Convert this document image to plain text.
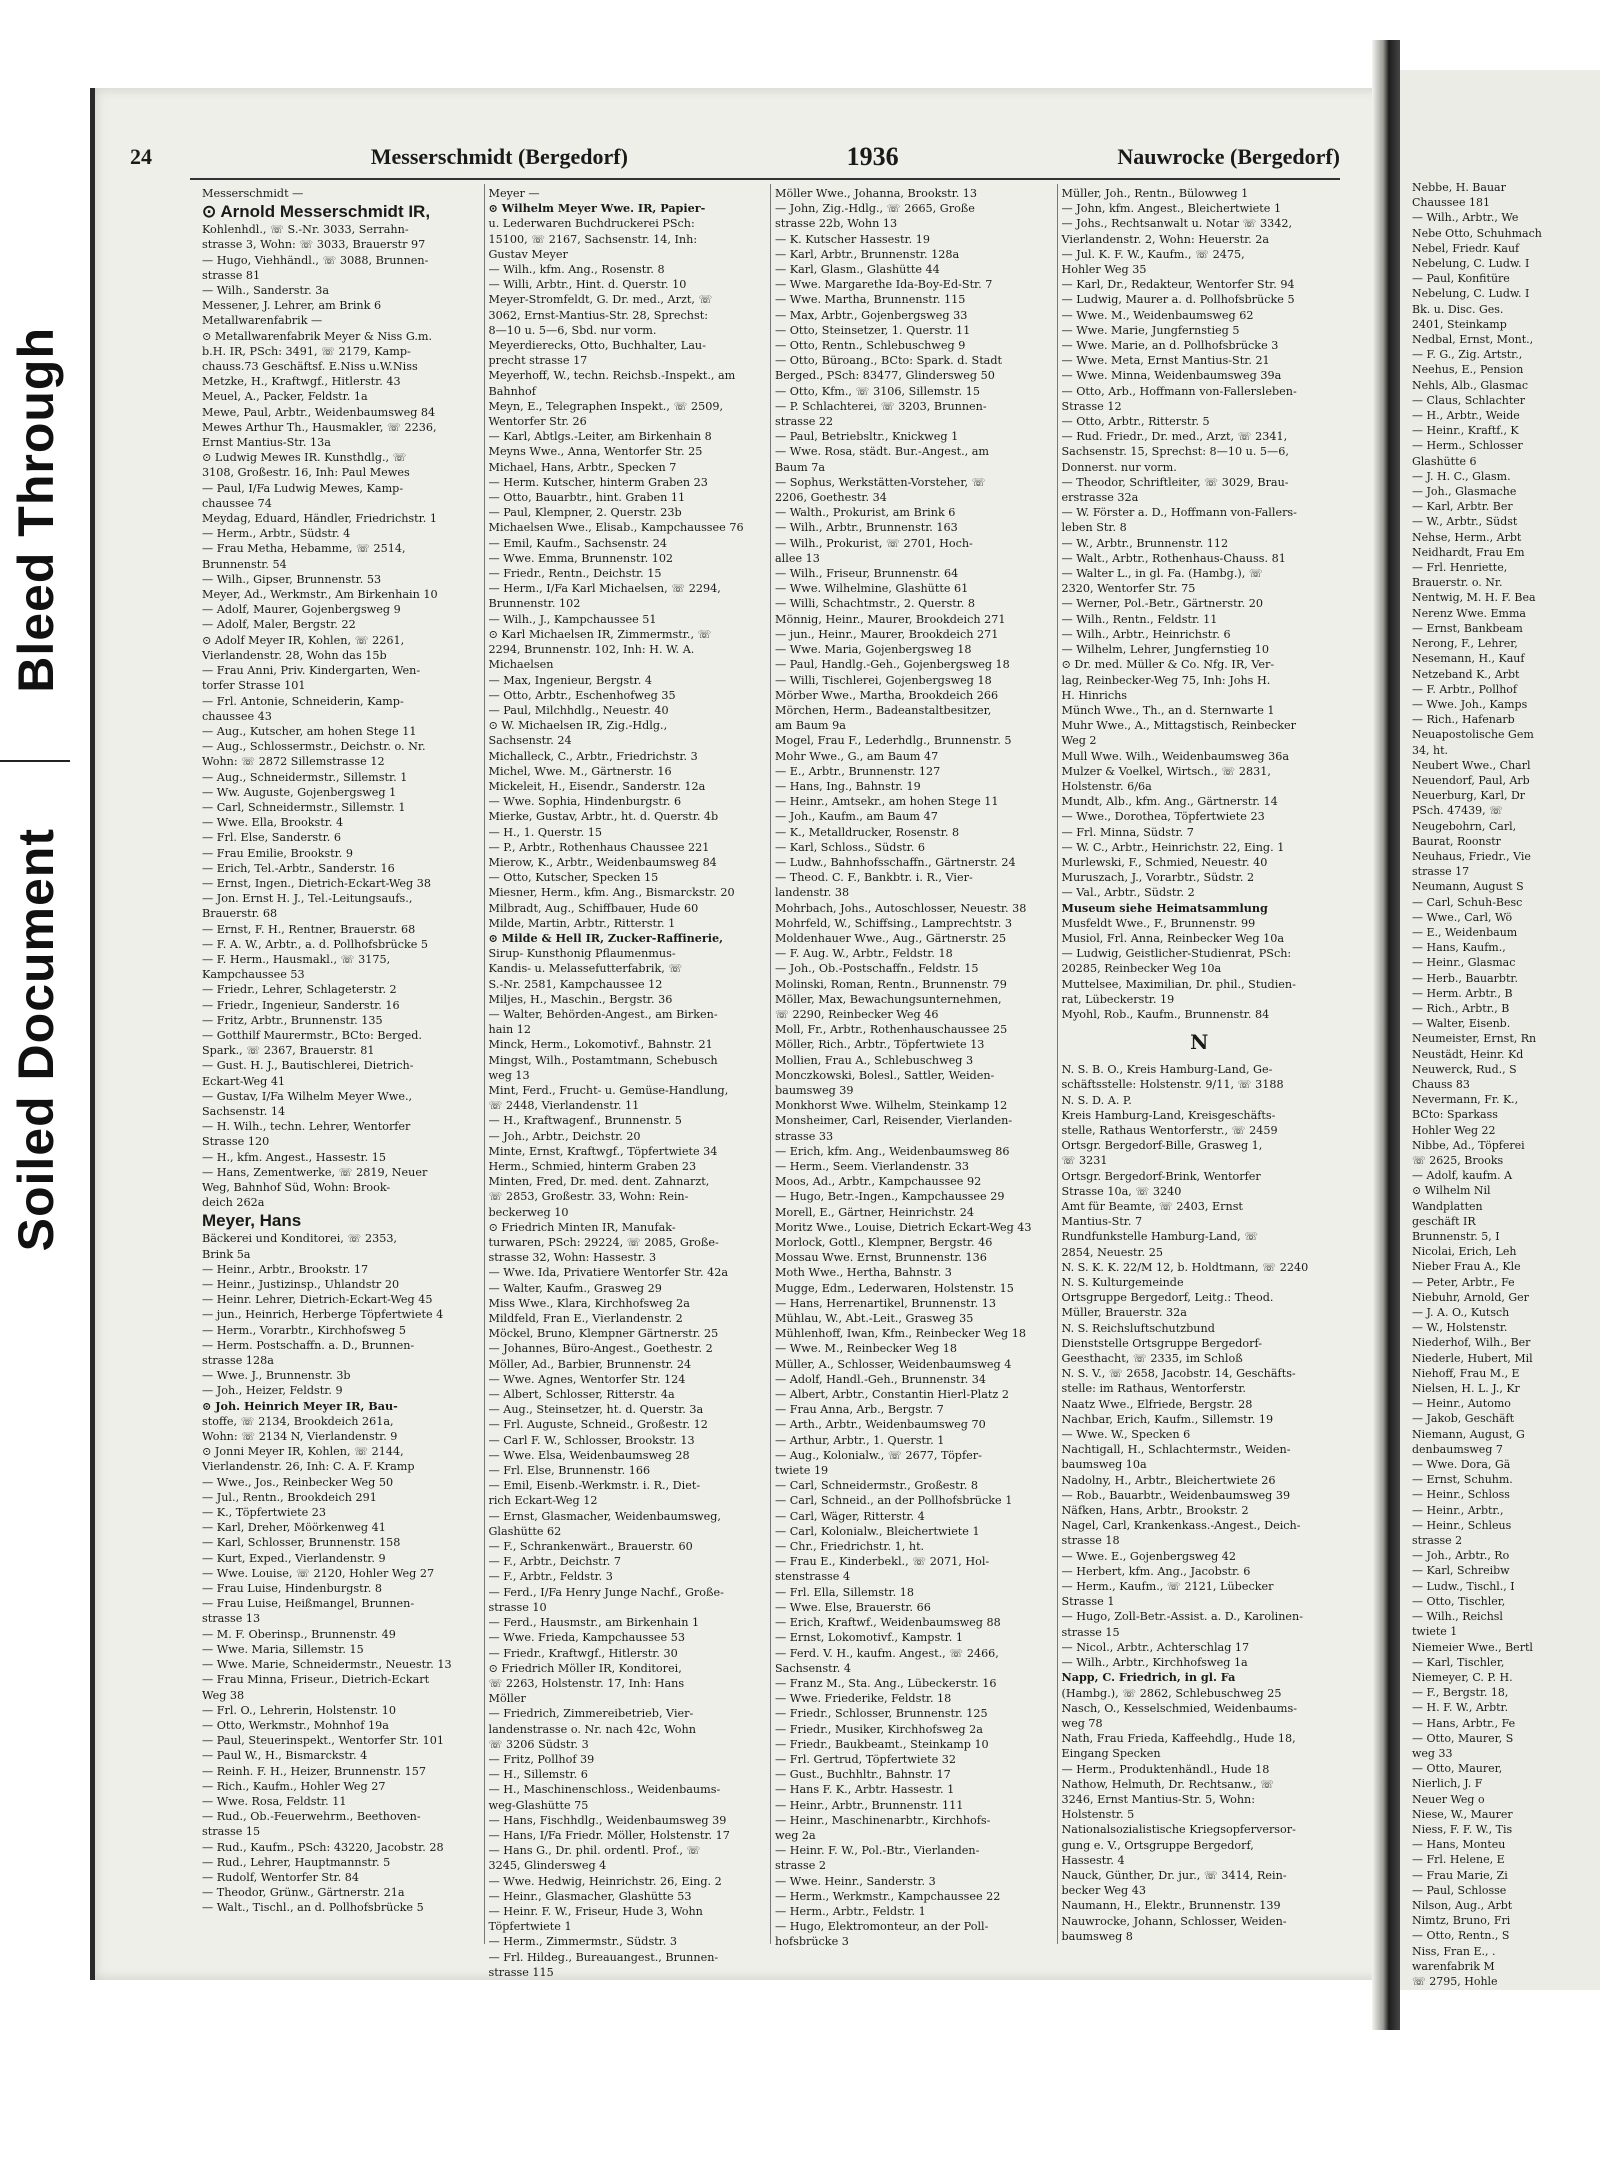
Soiled Document
Bleed Through
Nebbe, H. Bauar
Chaussee 181
— Wilh., Arbtr., We
Nebe Otto, Schuhmach
Nebel, Friedr. Kauf
Nebelung, C. Ludw. I
— Paul, Konfitüre
Nebelung, C. Ludw. I
Bk. u. Disc. Ges.
2401, Steinkamp
Nedbal, Ernst, Mont.,
— F. G., Zig. Artstr.,
Neehus, E., Pension
Nehls, Alb., Glasmac
— Claus, Schlachter
— H., Arbtr., Weide
— Heinr., Kraftf., K
— Herm., Schlosser
Glashütte 6
— J. H. C., Glasm.
— Joh., Glasmache
— Karl, Arbtr. Ber
— W., Arbtr., Südst
Nehse, Herm., Arbt
Neidhardt, Frau Em
— Frl. Henriette,
Brauerstr. o. Nr.
Nentwig, M. H. F. Bea
Nerenz Wwe. Emma
— Ernst, Bankbeam
Nerong, F., Lehrer,
Nesemann, H., Kauf
Netzeband K., Arbt
— F. Arbtr., Pollhof
— Wwe. Joh., Kamps
— Rich., Hafenarb
Neuapostolische Gem
34, ht.
Neubert Wwe., Charl
Neuendorf, Paul, Arb
Neuerburg, Karl, Dr
PSch. 47439, ☏
Neugebohrn, Carl,
Baurat, Roonstr
Neuhaus, Friedr., Vie
strasse 17
Neumann, August S
— Carl, Schuh-Besc
— Wwe., Carl, Wö
— E., Weidenbaum
— Hans, Kaufm.,
— Heinr., Glasmac
— Herb., Bauarbtr.
— Herm. Arbtr., B
— Rich., Arbtr., B
— Walter, Eisenb.
Neumeister, Ernst, Rn
Neustädt, Heinr. Kd
Neuwerck, Rud., S
Chauss 83
Nevermann, Fr. K.,
BCto: Sparkass
Hohler Weg 22
Nibbe, Ad., Töpferei
☏ 2625, Brooks
— Adolf, kaufm. A
⊙ Wilhelm Nil
Wandplatten
geschäft IR
Brunnenstr. 5, I
Nicolai, Erich, Leh
Nieber Frau A., Kle
— Peter, Arbtr., Fe
Niebuhr, Arnold, Ger
— J. A. O., Kutsch
— W., Holstenstr.
Niederhof, Wilh., Ber
Niederle, Hubert, Mil
Niehoff, Frau M., E
Nielsen, H. L. J., Kr
— Heinr., Automo
— Jakob, Geschäft
Niemann, August, G
denbaumsweg 7
— Wwe. Dora, Gä
— Ernst, Schuhm.
— Heinr., Schloss
— Heinr., Arbtr.,
— Heinr., Schleus
strasse 2
— Joh., Arbtr., Ro
— Karl, Schreibw
— Ludw., Tischl., I
— Otto, Tischler,
— Wilh., Reichsl
twiete 1
Niemeier Wwe., Bertl
— Karl, Tischler,
Niemeyer, C. P. H.
— F., Bergstr. 18,
— H. F. W., Arbtr.
— Hans, Arbtr., Fe
— Otto, Maurer, S
weg 33
— Otto, Maurer,
Nierlich, J. F
Neuer Weg o
Niese, W., Maurer
Niess, F. F. W., Tis
— Hans, Monteu
— Frl. Helene, E
— Frau Marie, Zi
— Paul, Schlosse
Nilson, Aug., Arbt
Nimtz, Bruno, Fri
— Otto, Rentn., S
Niss, Fran E., .
warenfabrik M
☏ 2795, Hohle
24	Messerschmidt (Bergedorf)	1936	Nauwrocke (Bergedorf)
Messerschmidt —
⊙ Arnold Messerschmidt IR,
Kohlenhdl., ☏ S.-Nr. 3033, Serrahn-
strasse 3, Wohn: ☏ 3033, Brauerstr 97
— Hugo, Viehhändl., ☏ 3088, Brunnen-
strasse 81
— Wilh., Sanderstr. 3a
Messener, J. Lehrer, am Brink 6
Metallwarenfabrik —
⊙ Metallwarenfabrik Meyer & Niss G.m.
b.H. IR, PSch: 3491, ☏ 2179, Kamp-
chauss.73 Geschäftsf. E.Niss u.W.Niss
Metzke, H., Kraftwgf., Hitlerstr. 43
Meuel, A., Packer, Feldstr. 1a
Mewe, Paul, Arbtr., Weidenbaumsweg 84
Mewes Arthur Th., Hausmakler, ☏ 2236,
Ernst Mantius-Str. 13a
⊙ Ludwig Mewes IR. Kunsthdlg., ☏
3108, Großestr. 16, Inh: Paul Mewes
— Paul, I/Fa Ludwig Mewes, Kamp-
chaussee 74
Meydag, Eduard, Händler, Friedrichstr. 1
— Herm., Arbtr., Südstr. 4
— Frau Metha, Hebamme, ☏ 2514,
Brunnenstr. 54
— Wilh., Gipser, Brunnenstr. 53
Meyer, Ad., Werkmstr., Am Birkenhain 10
— Adolf, Maurer, Gojenbergsweg 9
— Adolf, Maler, Bergstr. 22
⊙ Adolf Meyer IR, Kohlen, ☏ 2261,
Vierlandenstr. 28, Wohn das 15b
— Frau Anni, Priv. Kindergarten, Wen-
torfer Strasse 101
— Frl. Antonie, Schneiderin, Kamp-
chaussee 43
— Aug., Kutscher, am hohen Stege 11
— Aug., Schlossermstr., Deichstr. o. Nr.
Wohn: ☏ 2872 Sillemstrasse 12
— Aug., Schneidermstr., Sillemstr. 1
— Ww. Auguste, Gojenbergsweg 1
— Carl, Schneidermstr., Sillemstr. 1
— Wwe. Ella, Brookstr. 4
— Frl. Else, Sanderstr. 6
— Frau Emilie, Brookstr. 9
— Erich, Tel.-Arbtr., Sanderstr. 16
— Ernst, Ingen., Dietrich-Eckart-Weg 38
— Jon. Ernst H. J., Tel.-Leitungsaufs.,
Brauerstr. 68
— Ernst, F. H., Rentner, Brauerstr. 68
— F. A. W., Arbtr., a. d. Pollhofsbrücke 5
— F. Herm., Hausmakl., ☏ 3175,
Kampchaussee 53
— Friedr., Lehrer, Schlageterstr. 2
— Friedr., Ingenieur, Sanderstr. 16
— Fritz, Arbtr., Brunnenstr. 135
— Gotthilf Maurermstr., BCto: Berged.
Spark., ☏ 2367, Brauerstr. 81
— Gust. H. J., Bautischlerei, Dietrich-
Eckart-Weg 41
— Gustav, I/Fa Wilhelm Meyer Wwe.,
Sachsenstr. 14
— H. Wilh., techn. Lehrer, Wentorfer
Strasse 120
— H., kfm. Angest., Hassestr. 15
— Hans, Zementwerke, ☏ 2819, Neuer
Weg, Bahnhof Süd, Wohn: Brook-
deich 262a
Meyer, Hans
Bäckerei und Konditorei, ☏ 2353,
Brink 5a
— Heinr., Arbtr., Brookstr. 17
— Heinr., Justizinsp., Uhlandstr 20
— Heinr. Lehrer, Dietrich-Eckart-Weg 45
— jun., Heinrich, Herberge Töpfertwiete 4
— Herm., Vorarbtr., Kirchhofsweg 5
— Herm. Postschaffn. a. D., Brunnen-
strasse 128a
— Wwe. J., Brunnenstr. 3b
— Joh., Heizer, Feldstr. 9
⊙ Joh. Heinrich Meyer IR, Bau-
stoffe, ☏ 2134, Brookdeich 261a,
Wohn: ☏ 2134 N, Vierlandenstr. 9
⊙ Jonni Meyer IR, Kohlen, ☏ 2144,
Vierlandenstr. 26, Inh: C. A. F. Kramp
— Wwe., Jos., Reinbecker Weg 50
— Jul., Rentn., Brookdeich 291
— K., Töpfertwiete 23
— Karl, Dreher, Möörkenweg 41
— Karl, Schlosser, Brunnenstr. 158
— Kurt, Exped., Vierlandenstr. 9
— Wwe. Louise, ☏ 2120, Hohler Weg 27
— Frau Luise, Hindenburgstr. 8
— Frau Luise, Heißmangel, Brunnen-
strasse 13
— M. F. Oberinsp., Brunnenstr. 49
— Wwe. Maria, Sillemstr. 15
— Wwe. Marie, Schneidermstr., Neuestr. 13
— Frau Minna, Friseur., Dietrich-Eckart
Weg 38
— Frl. O., Lehrerin, Holstenstr. 10
— Otto, Werkmstr., Mohnhof 19a
— Paul, Steuerinspekt., Wentorfer Str. 101
— Paul W., H., Bismarckstr. 4
— Reinh. F. H., Heizer, Brunnenstr. 157
— Rich., Kaufm., Hohler Weg 27
— Wwe. Rosa, Feldstr. 11
— Rud., Ob.-Feuerwehrm., Beethoven-
strasse 15
— Rud., Kaufm., PSch: 43220, Jacobstr. 28
— Rud., Lehrer, Hauptmannstr. 5
— Rudolf, Wentorfer Str. 84
— Theodor, Grünw., Gärtnerstr. 21a
— Walt., Tischl., an d. Pollhofsbrücke 5
Meyer —
⊙ Wilhelm Meyer Wwe. IR, Papier-
u. Lederwaren Buchdruckerei PSch:
15100, ☏ 2167, Sachsenstr. 14, Inh:
Gustav Meyer
— Wilh., kfm. Ang., Rosenstr. 8
— Willi, Arbtr., Hint. d. Querstr. 10
Meyer-Stromfeldt, G. Dr. med., Arzt, ☏
3062, Ernst-Mantius-Str. 28, Sprechst:
8—10 u. 5—6, Sbd. nur vorm.
Meyerdierecks, Otto, Buchhalter, Lau-
precht strasse 17
Meyerhoff, W., techn. Reichsb.-Inspekt., am
Bahnhof
Meyn, E., Telegraphen Inspekt., ☏ 2509,
Wentorfer Str. 26
— Karl, Abtlgs.-Leiter, am Birkenhain 8
Meyns Wwe., Anna, Wentorfer Str. 25
Michael, Hans, Arbtr., Specken 7
— Herm. Kutscher, hinterm Graben 23
— Otto, Bauarbtr., hint. Graben 11
— Paul, Klempner, 2. Querstr. 23b
Michaelsen Wwe., Elisab., Kampchaussee 76
— Emil, Kaufm., Sachsenstr. 24
— Wwe. Emma, Brunnenstr. 102
— Friedr., Rentn., Deichstr. 15
— Herm., I/Fa Karl Michaelsen, ☏ 2294,
Brunnenstr. 102
— Wilh., J., Kampchaussee 51
⊙ Karl Michaelsen IR, Zimmermstr., ☏
2294, Brunnenstr. 102, Inh: H. W. A.
Michaelsen
— Max, Ingenieur, Bergstr. 4
— Otto, Arbtr., Eschenhofweg 35
— Paul, Milchhdlg., Neuestr. 40
⊙ W. Michaelsen IR, Zig.-Hdlg.,
Sachsenstr. 24
Michalleck, C., Arbtr., Friedrichstr. 3
Michel, Wwe. M., Gärtnerstr. 16
Mickeleit, H., Eisendr., Sanderstr. 12a
— Wwe. Sophia, Hindenburgstr. 6
Mierke, Gustav, Arbtr., ht. d. Querstr. 4b
— H., 1. Querstr. 15
— P., Arbtr., Rothenhaus Chaussee 221
Mierow, K., Arbtr., Weidenbaumsweg 84
— Otto, Kutscher, Specken 15
Miesner, Herm., kfm. Ang., Bismarckstr. 20
Milbradt, Aug., Schiffbauer, Hude 60
Milde, Martin, Arbtr., Ritterstr. 1
⊙ Milde & Hell IR, Zucker-Raffinerie,
Sirup- Kunsthonig Pflaumenmus-
Kandis- u. Melassefutterfabrik, ☏
S.-Nr. 2581, Kampchaussee 12
Miljes, H., Maschin., Bergstr. 36
— Walter, Behörden-Angest., am Birken-
hain 12
Minck, Herm., Lokomotivf., Bahnstr. 21
Mingst, Wilh., Postamtmann, Schebusch
weg 13
Mint, Ferd., Frucht- u. Gemüse-Handlung,
☏ 2448, Vierlandenstr. 11
— H., Kraftwagenf., Brunnenstr. 5
— Joh., Arbtr., Deichstr. 20
Minte, Ernst, Kraftwgf., Töpfertwiete 34
Herm., Schmied, hinterm Graben 23
Minten, Fred, Dr. med. dent. Zahnarzt,
☏ 2853, Großestr. 33, Wohn: Rein-
beckerweg 10
⊙ Friedrich Minten IR, Manufak-
turwaren, PSch: 29224, ☏ 2085, Große-
strasse 32, Wohn: Hassestr. 3
— Wwe. Ida, Privatiere Wentorfer Str. 42a
— Walter, Kaufm., Grasweg 29
Miss Wwe., Klara, Kirchhofsweg 2a
Mildfeld, Fran E., Vierlandenstr. 2
Möckel, Bruno, Klempner Gärtnerstr. 25
— Johannes, Büro-Angest., Goethestr. 2
Möller, Ad., Barbier, Brunnenstr. 24
— Wwe. Agnes, Wentorfer Str. 124
— Albert, Schlosser, Ritterstr. 4a
— Aug., Steinsetzer, ht. d. Querstr. 3a
— Frl. Auguste, Schneid., Großestr. 12
— Carl F. W., Schlosser, Brookstr. 13
— Wwe. Elsa, Weidenbaumsweg 28
— Frl. Else, Brunnenstr. 166
— Emil, Eisenb.-Werkmstr. i. R., Diet-
rich Eckart-Weg 12
— Ernst, Glasmacher, Weidenbaumsweg,
Glashütte 62
— F., Schrankenwärt., Brauerstr. 60
— F., Arbtr., Deichstr. 7
— F., Arbtr., Feldstr. 3
— Ferd., I/Fa Henry Junge Nachf., Große-
strasse 10
— Ferd., Hausmstr., am Birkenhain 1
— Wwe. Frieda, Kampchaussee 53
— Friedr., Kraftwgf., Hitlerstr. 30
⊙ Friedrich Möller IR, Konditorei,
☏ 2263, Holstenstr. 17, Inh: Hans
Möller
— Friedrich, Zimmereibetrieb, Vier-
landenstrasse o. Nr. nach 42c, Wohn
☏ 3206 Südstr. 3
— Fritz, Pollhof 39
— H., Sillemstr. 6
— H., Maschinenschloss., Weidenbaums-
weg-Glashütte 75
— Hans, Fischhdlg., Weidenbaumsweg 39
— Hans, I/Fa Friedr. Möller, Holstenstr. 17
— Hans G., Dr. phil. ordentl. Prof., ☏
3245, Glindersweg 4
— Wwe. Hedwig, Heinrichstr. 26, Eing. 2
— Heinr., Glasmacher, Glashütte 53
— Heinr. F. W., Friseur, Hude 3, Wohn
Töpfertwiete 1
— Herm., Zimmermstr., Südstr. 3
— Frl. Hildeg., Bureauangest., Brunnen-
strasse 115
Möller Wwe., Johanna, Brookstr. 13
— John, Zig.-Hdlg., ☏ 2665, Große
strasse 22b, Wohn 13
— K. Kutscher Hassestr. 19
— Karl, Arbtr., Brunnenstr. 128a
— Karl, Glasm., Glashütte 44
— Wwe. Margarethe Ida-Boy-Ed-Str. 7
— Wwe. Martha, Brunnenstr. 115
— Max, Arbtr., Gojenbergsweg 33
— Otto, Steinsetzer, 1. Querstr. 11
— Otto, Rentn., Schlebuschweg 9
— Otto, Büroang., BCto: Spark. d. Stadt
Berged., PSch: 83477, Glindersweg 50
— Otto, Kfm., ☏ 3106, Sillemstr. 15
— P. Schlachterei, ☏ 3203, Brunnen-
strasse 22
— Paul, Betriebsltr., Knickweg 1
— Wwe. Rosa, städt. Bur.-Angest., am
Baum 7a
— Sophus, Werkstätten-Vorsteher, ☏
2206, Goethestr. 34
— Walth., Prokurist, am Brink 6
— Wilh., Arbtr., Brunnenstr. 163
— Wilh., Prokurist, ☏ 2701, Hoch-
allee 13
— Wilh., Friseur, Brunnenstr. 64
— Wwe. Wilhelmine, Glashütte 61
— Willi, Schachtmstr., 2. Querstr. 8
Mönnig, Heinr., Maurer, Brookdeich 271
— jun., Heinr., Maurer, Brookdeich 271
— Wwe. Maria, Gojenbergsweg 18
— Paul, Handlg.-Geh., Gojenbergsweg 18
— Willi, Tischlerei, Gojenbergsweg 18
Mörber Wwe., Martha, Brookdeich 266
Mörchen, Herm., Badeanstaltbesitzer,
am Baum 9a
Mogel, Frau F., Lederhdlg., Brunnenstr. 5
Mohr Wwe., G., am Baum 47
— E., Arbtr., Brunnenstr. 127
— Hans, Ing., Bahnstr. 19
— Heinr., Amtsekr., am hohen Stege 11
— Joh., Kaufm., am Baum 47
— K., Metalldrucker, Rosenstr. 8
— Karl, Schloss., Südstr. 6
— Ludw., Bahnhofsschaffn., Gärtnerstr. 24
— Theod. C. F., Bankbtr. i. R., Vier-
landenstr. 38
Mohrbach, Johs., Autoschlosser, Neuestr. 38
Mohrfeld, W., Schiffsing., Lamprechtstr. 3
Moldenhauer Wwe., Aug., Gärtnerstr. 25
— F. Aug. W., Arbtr., Feldstr. 18
— Joh., Ob.-Postschaffn., Feldstr. 15
Molinski, Roman, Rentn., Brunnenstr. 79
Möller, Max, Bewachungsunternehmen,
☏ 2290, Reinbecker Weg 46
Moll, Fr., Arbtr., Rothenhauschaussee 25
Möller, Rich., Arbtr., Töpfertwiete 13
Mollien, Frau A., Schlebuschweg 3
Monczkowski, Bolesl., Sattler, Weiden-
baumsweg 39
Monkhorst Wwe. Wilhelm, Steinkamp 12
Monsheimer, Carl, Reisender, Vierlanden-
strasse 33
— Erich, kfm. Ang., Weidenbaumsweg 86
— Herm., Seem. Vierlandenstr. 33
Moos, Ad., Arbtr., Kampchaussee 92
— Hugo, Betr.-Ingen., Kampchaussee 29
Morell, E., Gärtner, Heinrichstr. 24
Moritz Wwe., Louise, Dietrich Eckart-Weg 43
Morlock, Gottl., Klempner, Bergstr. 46
Mossau Wwe. Ernst, Brunnenstr. 136
Moth Wwe., Hertha, Bahnstr. 3
Mugge, Edm., Lederwaren, Holstenstr. 15
— Hans, Herrenartikel, Brunnenstr. 13
Mühlau, W., Abt.-Leit., Grasweg 35
Mühlenhoff, Iwan, Kfm., Reinbecker Weg 18
— Wwe. M., Reinbecker Weg 18
Müller, A., Schlosser, Weidenbaumsweg 4
— Adolf, Handl.-Geh., Brunnenstr. 34
— Albert, Arbtr., Constantin Hierl-Platz 2
— Frau Anna, Arb., Bergstr. 7
— Arth., Arbtr., Weidenbaumsweg 70
— Arthur, Arbtr., 1. Querstr. 1
— Aug., Kolonialw., ☏ 2677, Töpfer-
twiete 19
— Carl, Schneidermstr., Großestr. 8
— Carl, Schneid., an der Pollhofsbrücke 1
— Carl, Wäger, Ritterstr. 4
— Carl, Kolonialw., Bleichertwiete 1
— Chr., Friedrichstr. 1, ht.
— Frau E., Kinderbekl., ☏ 2071, Hol-
stenstrasse 4
— Frl. Ella, Sillemstr. 18
— Wwe. Else, Brauerstr. 66
— Erich, Kraftwf., Weidenbaumsweg 88
— Ernst, Lokomotivf., Kampstr. 1
— Ferd. V. H., kaufm. Angest., ☏ 2466,
Sachsenstr. 4
— Franz M., Sta. Ang., Lübeckerstr. 16
— Wwe. Friederike, Feldstr. 18
— Friedr., Schlosser, Brunnenstr. 125
— Friedr., Musiker, Kirchhofsweg 2a
— Friedr., Baukbeamt., Steinkamp 10
— Frl. Gertrud, Töpfertwiete 32
— Gust., Buchhltr., Bahnstr. 17
— Hans F. K., Arbtr. Hassestr. 1
— Heinr., Arbtr., Brunnenstr. 111
— Heinr., Maschinenarbtr., Kirchhofs-
weg 2a
— Heinr. F. W., Pol.-Btr., Vierlanden-
strasse 2
— Wwe. Heinr., Sanderstr. 3
— Herm., Werkmstr., Kampchaussee 22
— Herm., Arbtr., Feldstr. 1
— Hugo, Elektromonteur, an der Poll-
hofsbrücke 3
Müller, Joh., Rentn., Bülowweg 1
— John, kfm. Angest., Bleichertwiete 1
— Johs., Rechtsanwalt u. Notar ☏ 3342,
Vierlandenstr. 2, Wohn: Heuerstr. 2a
— Jul. K. F. W., Kaufm., ☏ 2475,
Hohler Weg 35
— Karl, Dr., Redakteur, Wentorfer Str. 94
— Ludwig, Maurer a. d. Pollhofsbrücke 5
— Wwe. M., Weidenbaumsweg 62
— Wwe. Marie, Jungfernstieg 5
— Wwe. Marie, an d. Pollhofsbrücke 3
— Wwe. Meta, Ernst Mantius-Str. 21
— Wwe. Minna, Weidenbaumsweg 39a
— Otto, Arb., Hoffmann von-Fallersleben-
Strasse 12
— Otto, Arbtr., Ritterstr. 5
— Rud. Friedr., Dr. med., Arzt, ☏ 2341,
Sachsenstr. 15, Sprechst: 8—10 u. 5—6,
Donnerst. nur vorm.
— Theodor, Schriftleiter, ☏ 3029, Brau-
erstrasse 32a
— W. Förster a. D., Hoffmann von-Fallers-
leben Str. 8
— W., Arbtr., Brunnenstr. 112
— Walt., Arbtr., Rothenhaus-Chauss. 81
— Walter L., in gl. Fa. (Hambg.), ☏
2320, Wentorfer Str. 75
— Werner, Pol.-Betr., Gärtnerstr. 20
— Wilh., Rentn., Feldstr. 11
— Wilh., Arbtr., Heinrichstr. 6
— Wilhelm, Lehrer, Jungfernstieg 10
⊙ Dr. med. Müller & Co. Nfg. IR, Ver-
lag, Reinbecker-Weg 75, Inh: Johs H.
H. Hinrichs
Münch Wwe., Th., an d. Sternwarte 1
Muhr Wwe., A., Mittagstisch, Reinbecker
Weg 2
Mull Wwe. Wilh., Weidenbaumsweg 36a
Mulzer & Voelkel, Wirtsch., ☏ 2831,
Holstenstr. 6/6a
Mundt, Alb., kfm. Ang., Gärtnerstr. 14
— Wwe., Dorothea, Töpfertwiete 23
— Frl. Minna, Südstr. 7
— W. C., Arbtr., Heinrichstr. 22, Eing. 1
Murlewski, F., Schmied, Neuestr. 40
Muruszach, J., Vorarbtr., Südstr. 2
— Val., Arbtr., Südstr. 2
Museum siehe Heimatsammlung
Musfeldt Wwe., F., Brunnenstr. 99
Musiol, Frl. Anna, Reinbecker Weg 10a
— Ludwig, Geistlicher-Studienrat, PSch:
20285, Reinbecker Weg 10a
Muttelsee, Maximilian, Dr. phil., Studien-
rat, Lübeckerstr. 19
Myohl, Rob., Kaufm., Brunnenstr. 84
N
N. S. B. O., Kreis Hamburg-Land, Ge-
schäftsstelle: Holstenstr. 9/11, ☏ 3188
N. S. D. A. P.
Kreis Hamburg-Land, Kreisgeschäfts-
stelle, Rathaus Wentorferstr., ☏ 2459
Ortsgr. Bergedorf-Bille, Grasweg 1,
☏ 3231
Ortsgr. Bergedorf-Brink, Wentorfer
Strasse 10a, ☏ 3240
Amt für Beamte, ☏ 2403, Ernst
Mantius-Str. 7
Rundfunkstelle Hamburg-Land, ☏
2854, Neuestr. 25
N. S. K. K. 22/M 12, b. Holdtmann, ☏ 2240
N. S. Kulturgemeinde
Ortsgruppe Bergedorf, Leitg.: Theod.
Müller, Brauerstr. 32a
N. S. Reichsluftschutzbund
Dienststelle Ortsgruppe Bergedorf-
Geesthacht, ☏ 2335, im Schloß
N. S. V., ☏ 2658, Jacobstr. 14, Geschäfts-
stelle: im Rathaus, Wentorferstr.
Naatz Wwe., Elfriede, Bergstr. 28
Nachbar, Erich, Kaufm., Sillemstr. 19
— Wwe. W., Specken 6
Nachtigall, H., Schlachtermstr., Weiden-
baumsweg 10a
Nadolny, H., Arbtr., Bleichertwiete 26
— Rob., Bauarbtr., Weidenbaumsweg 39
Näfken, Hans, Arbtr., Brookstr. 2
Nagel, Carl, Krankenkass.-Angest., Deich-
strasse 18
— Wwe. E., Gojenbergsweg 42
— Herbert, kfm. Ang., Jacobstr. 6
— Herm., Kaufm., ☏ 2121, Lübecker
Strasse 1
— Hugo, Zoll-Betr.-Assist. a. D., Karolinen-
strasse 15
— Nicol., Arbtr., Achterschlag 17
— Wilh., Arbtr., Kirchhofsweg 1a
Napp, C. Friedrich, in gl. Fa
(Hambg.), ☏ 2862, Schlebuschweg 25
Nasch, O., Kesselschmied, Weidenbaums-
weg 78
Nath, Frau Frieda, Kaffeehdlg., Hude 18,
Eingang Specken
— Herm., Produktenhändl., Hude 18
Nathow, Helmuth, Dr. Rechtsanw., ☏
3246, Ernst Mantius-Str. 5, Wohn:
Holstenstr. 5
Nationalsozialistische Kriegsopferversor-
gung e. V., Ortsgruppe Bergedorf,
Hassestr. 4
Nauck, Günther, Dr. jur., ☏ 3414, Rein-
becker Weg 43
Naumann, H., Elektr., Brunnenstr. 139
Nauwrocke, Johann, Schlosser, Weiden-
baumsweg 8
